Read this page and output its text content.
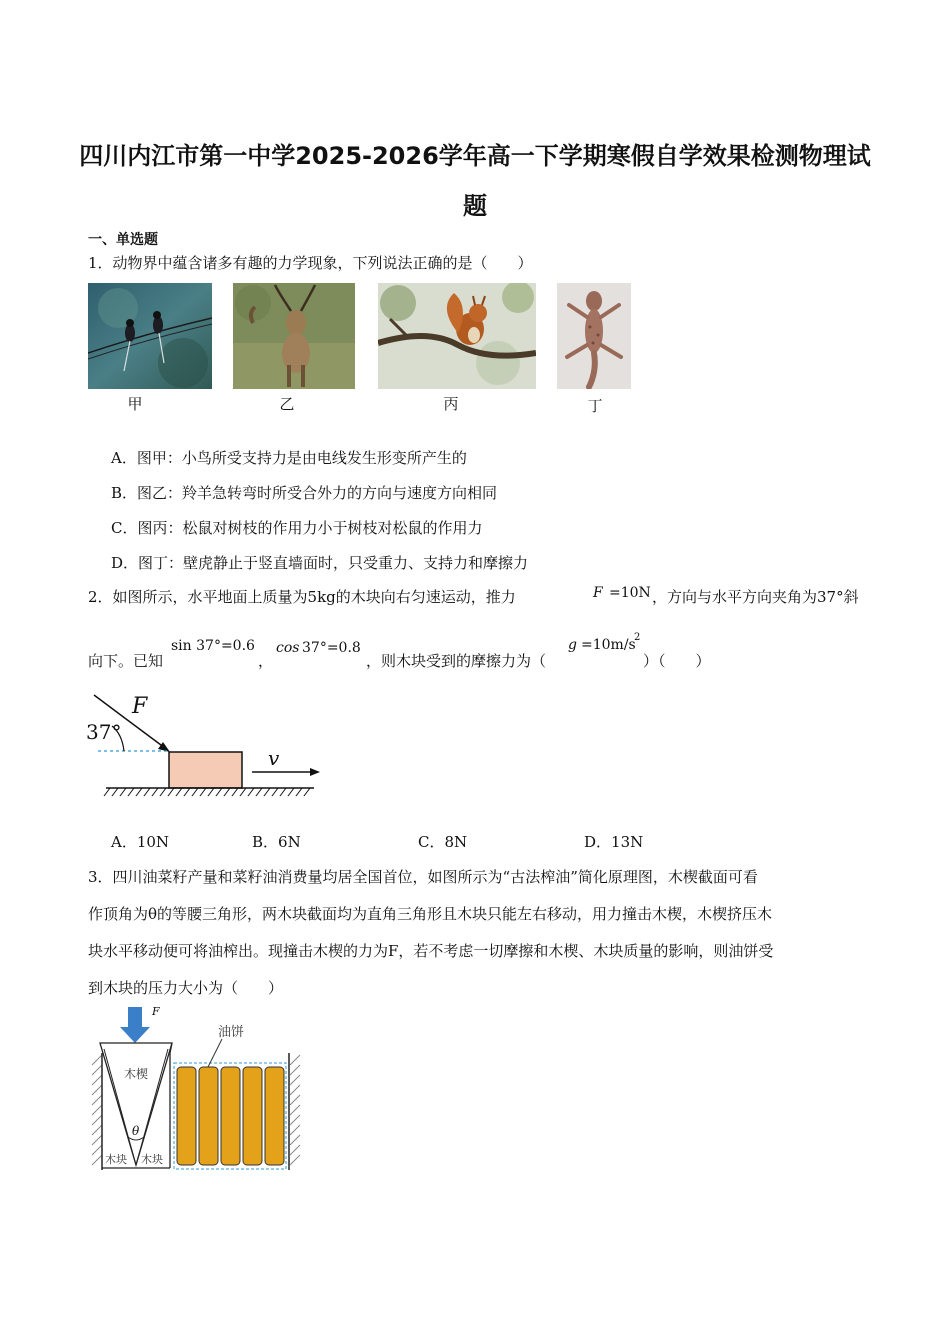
四川内江市第一中学2025-2026学年高一下学期寒假自学效果检测物理试
题
一、单选题
1．动物界中蕴含诸多有趣的力学现象，下列说法正确的是（　　）
甲	乙	丙	丁
A．图甲：小鸟所受支持力是由电线发生形变所产生的
B．图乙：羚羊急转弯时所受合外力的方向与速度方向相同
C．图丙：松鼠对树枝的作用力小于树枝对松鼠的作用力
D．图丁：壁虎静止于竖直墙面时，只受重力、支持力和摩擦力
2．如图所示，水平地面上质量为5kg的木块向右匀速运动，推力	F =10N ，方向与水平方向夹角为37°斜
向下。已知
sin 37°=0.6
，
cos 37°=0.8
，则木块受到的摩擦力为（
g =10m/s
2
）（　　）
F
37°
v
A．10N	B．6N	C．8N	D．13N
3．四川油菜籽产量和菜籽油消费量均居全国首位，如图所示为“古法榨油”简化原理图，木楔截面可看
作顶角为θ的等腰三角形，两木块截面均为直角三角形且木块只能左右移动，用力撞击木楔，木楔挤压木
块水平移动便可将油榨出。现撞击木楔的力为F，若不考虑一切摩擦和木楔、木块质量的影响，则油饼受
到木块的压力大小为（　　）
F
油饼
木楔
θ
木块 木块
